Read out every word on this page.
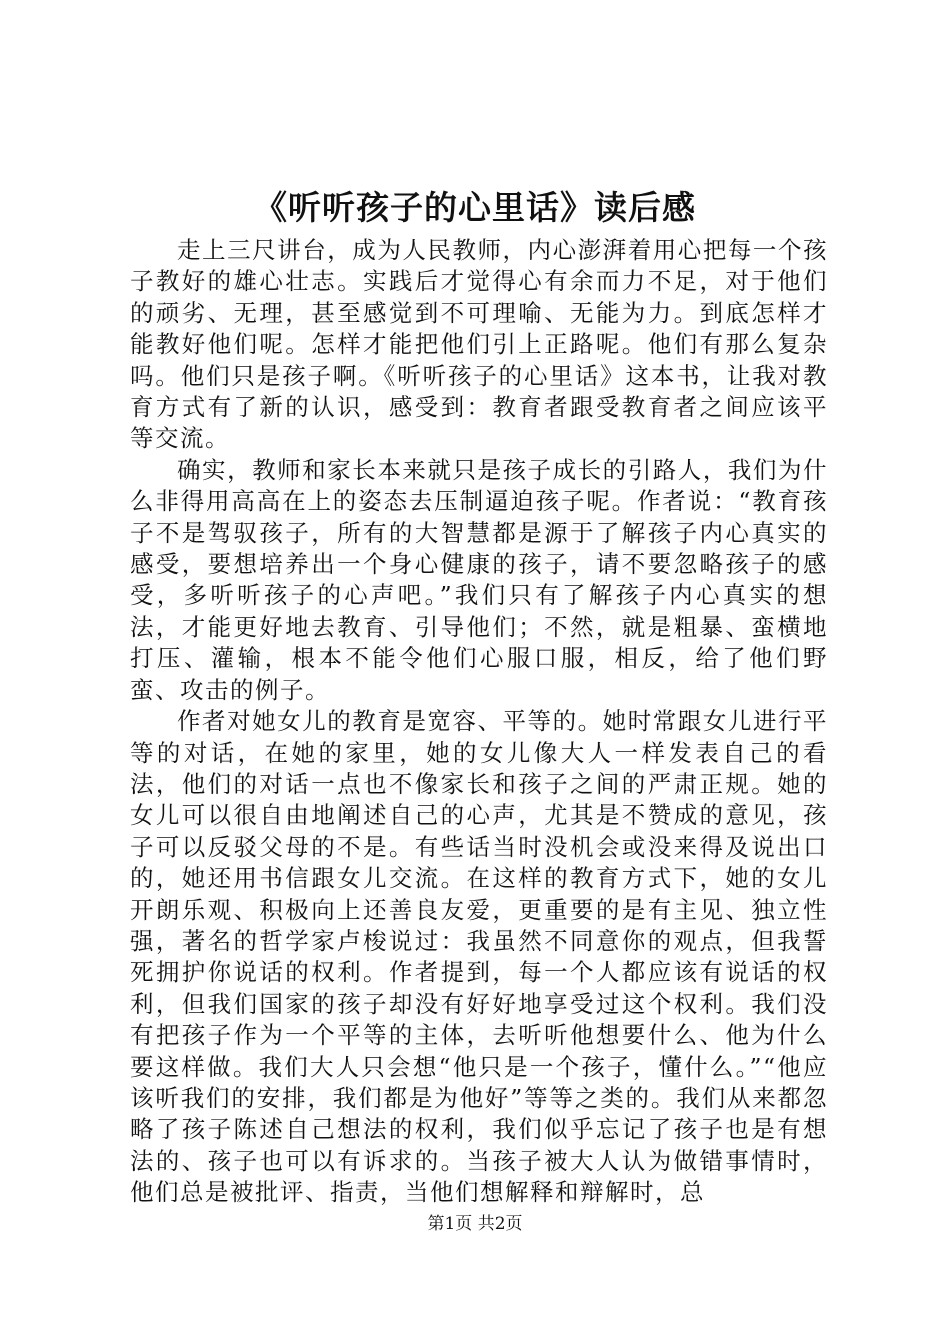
《听听孩子的心里话》读后感

走上三尺讲台，成为人民教师，内心澎湃着用心把每一个孩子教好的雄心壮志。实践后才觉得心有余而力不足，对于他们的顽劣、无理，甚至感觉到不可理喻、无能为力。到底怎样才能教好他们呢。怎样才能把他们引上正路呢。他们有那么复杂吗。他们只是孩子啊。《听听孩子的心里话》这本书，让我对教育方式有了新的认识，感受到：教育者跟受教育者之间应该平等交流。

确实，教师和家长本来就只是孩子成长的引路人，我们为什么非得用高高在上的姿态去压制逼迫孩子呢。作者说：“教育孩子不是驾驭孩子，所有的大智慧都是源于了解孩子内心真实的感受，要想培养出一个身心健康的孩子，请不要忽略孩子的感受，多听听孩子的心声吧。”我们只有了解孩子内心真实的想法，才能更好地去教育、引导他们；不然，就是粗暴、蛮横地打压、灌输，根本不能令他们心服口服，相反，给了他们野蛮、攻击的例子。

作者对她女儿的教育是宽容、平等的。她时常跟女儿进行平等的对话，在她的家里，她的女儿像大人一样发表自己的看法，他们的对话一点也不像家长和孩子之间的严肃正规。她的女儿可以很自由地阐述自己的心声，尤其是不赞成的意见，孩子可以反驳父母的不是。有些话当时没机会或没来得及说出口的，她还用书信跟女儿交流。在这样的教育方式下，她的女儿开朗乐观、积极向上还善良友爱，更重要的是有主见、独立性强，著名的哲学家卢梭说过：我虽然不同意你的观点，但我誓死拥护你说话的权利。作者提到，每一个人都应该有说话的权利，但我们国家的孩子却没有好好地享受过这个权利。我们没有把孩子作为一个平等的主体，去听听他想要什么、他为什么要这样做。我们大人只会想“他只是一个孩子，懂什么。”“他应该听我们的安排，我们都是为他好”等等之类的。我们从来都忽略了孩子陈述自己想法的权利，我们似乎忘记了孩子也是有想法的、孩子也可以有诉求的。当孩子被大人认为做错事情时，他们总是被批评、指责，当他们想解释和辩解时，总

第1页 共2页
